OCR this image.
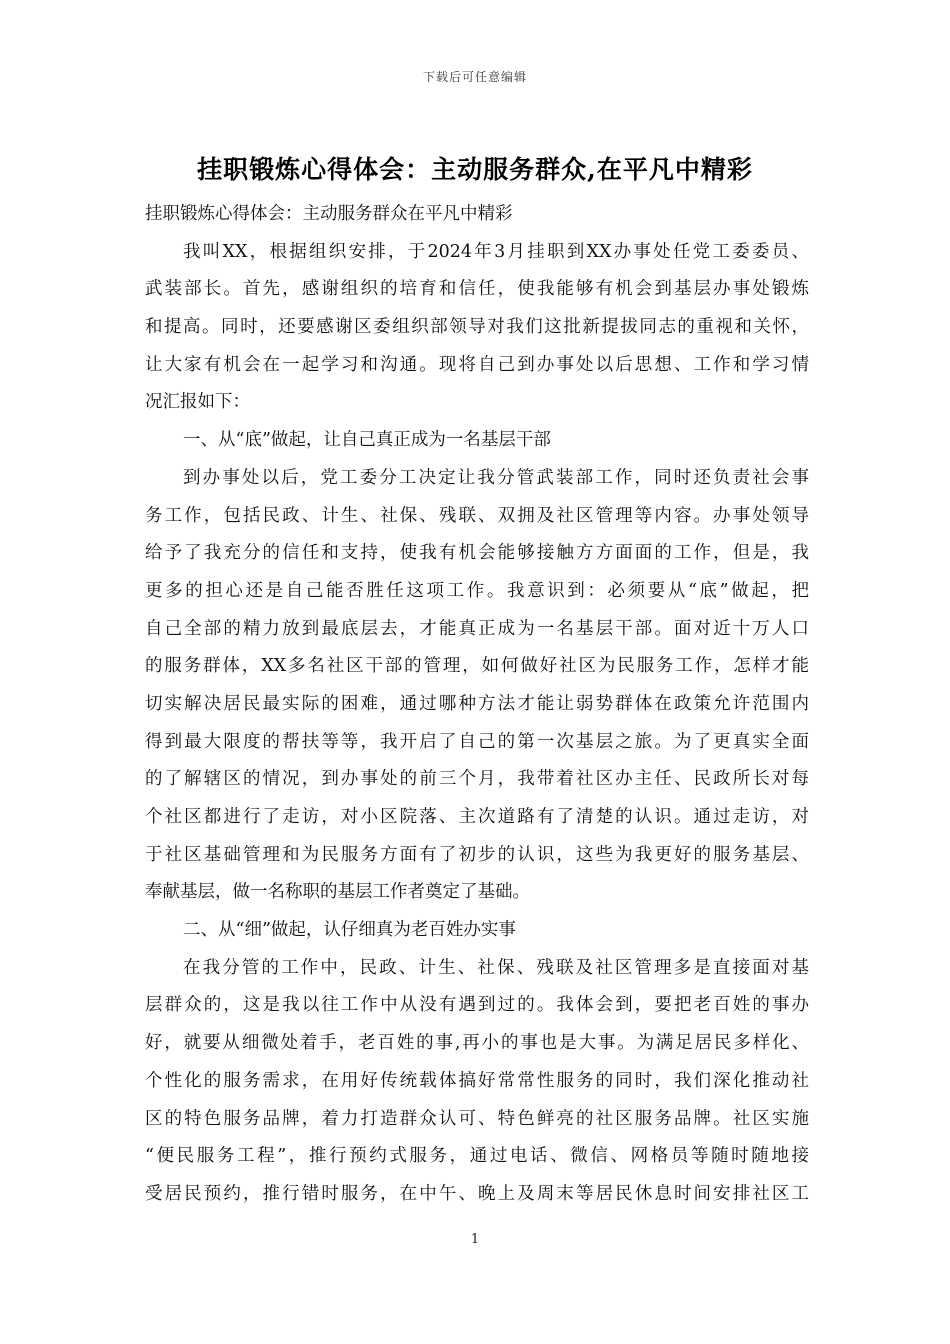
下载后可任意编辑
挂职锻炼心得体会：主动服务群众,在平凡中精彩
挂职锻炼心得体会：主动服务群众在平凡中精彩
我叫XX，根据组织安排，于2024年3月挂职到XX办事处任党工委委员、
武装部长。首先，感谢组织的培育和信任，使我能够有机会到基层办事处锻炼
和提高。同时，还要感谢区委组织部领导对我们这批新提拔同志的重视和关怀，
让大家有机会在一起学习和沟通。现将自己到办事处以后思想、工作和学习情
况汇报如下：
一、从“底”做起，让自己真正成为一名基层干部
到办事处以后，党工委分工决定让我分管武装部工作，同时还负责社会事
务工作，包括民政、计生、社保、残联、双拥及社区管理等内容。办事处领导
给予了我充分的信任和支持，使我有机会能够接触方方面面的工作，但是，我
更多的担心还是自己能否胜任这项工作。我意识到：必须要从“底”做起，把
自己全部的精力放到最底层去，才能真正成为一名基层干部。面对近十万人口
的服务群体，XX多名社区干部的管理，如何做好社区为民服务工作，怎样才能
切实解决居民最实际的困难，通过哪种方法才能让弱势群体在政策允许范围内
得到最大限度的帮扶等等，我开启了自己的第一次基层之旅。为了更真实全面
的了解辖区的情况，到办事处的前三个月，我带着社区办主任、民政所长对每
个社区都进行了走访，对小区院落、主次道路有了清楚的认识。通过走访，对
于社区基础管理和为民服务方面有了初步的认识，这些为我更好的服务基层、
奉献基层，做一名称职的基层工作者奠定了基础。
二、从“细”做起，认仔细真为老百姓办实事
在我分管的工作中，民政、计生、社保、残联及社区管理多是直接面对基
层群众的，这是我以往工作中从没有遇到过的。我体会到，要把老百姓的事办
好，就要从细微处着手，老百姓的事,再小的事也是大事。为满足居民多样化、
个性化的服务需求，在用好传统载体搞好常常性服务的同时，我们深化推动社
区的特色服务品牌，着力打造群众认可、特色鲜亮的社区服务品牌。社区实施
“便民服务工程”，推行预约式服务，通过电话、微信、网格员等随时随地接
受居民预约，推行错时服务，在中午、晚上及周末等居民休息时间安排社区工
1
